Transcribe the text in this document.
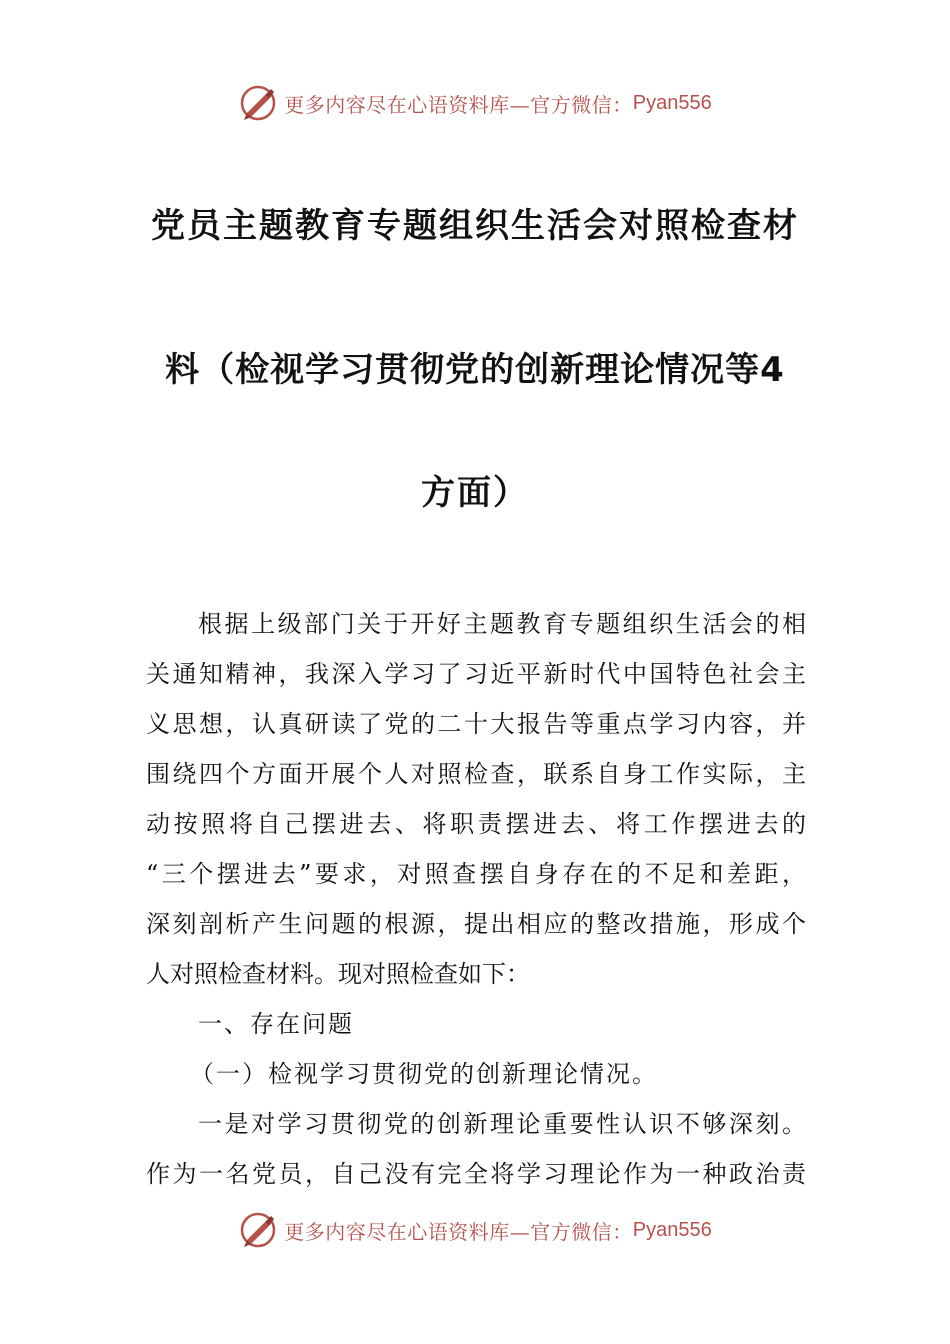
更多内容尽在心语资料库— 官方微信： Pyan556
党员主题教育专题组织生活会对照检查材
料（检视学习贯彻党的创新理论情况等4
方面）
根据上级部门关于开好主题教育专题组织生活会的相
关通知精神，我深入学习了习近平新时代中国特色社会主
义思想，认真研读了党的二十大报告等重点学习内容，并
围绕四个方面开展个人对照检查，联系自身工作实际，主
动按照将自己摆进去、将职责摆进去、将工作摆进去的
“三个摆进去”要求，对照查摆自身存在的不足和差距，
深刻剖析产生问题的根源，提出相应的整改措施，形成个
人对照检查材料。现对照检查如下：
一、存在问题
（一）检视学习贯彻党的创新理论情况。
一是对学习贯彻党的创新理论重要性认识不够深刻。
作为一名党员，自己没有完全将学习理论作为一种政治责
更多内容尽在心语资料库— 官方微信： Pyan556
